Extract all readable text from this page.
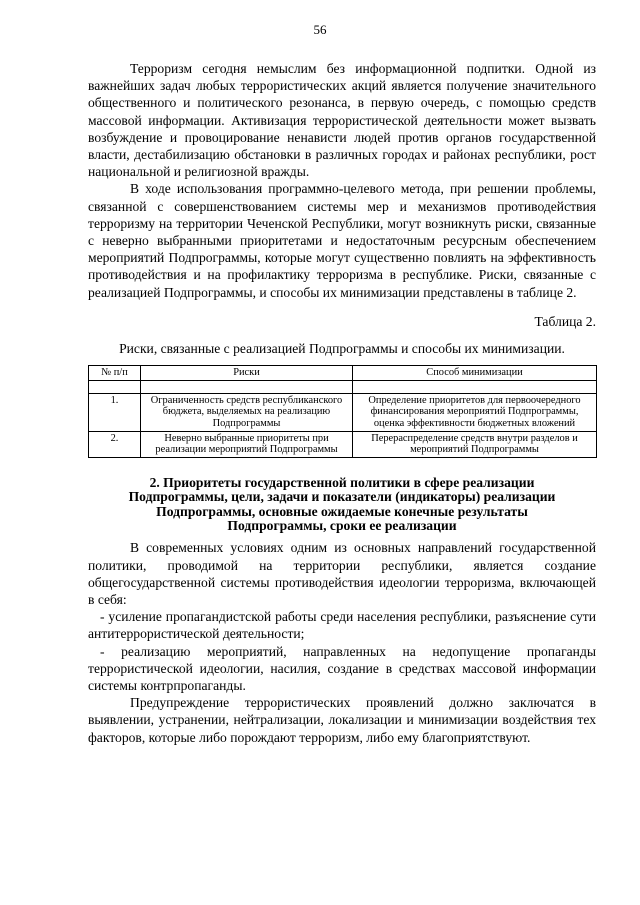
56

Терроризм сегодня немыслим без информационной подпитки. Одной из важнейших задач любых террористических акций является получение значительного общественного и политического резонанса, в первую очередь, с помощью средств массовой информации. Активизация террористической деятельности может вызвать возбуждение и провоцирование ненависти людей против органов государственной власти, дестабилизацию обстановки в различных городах и районах республики, рост национальной и религиозной вражды.

В ходе использования программно-целевого метода, при решении проблемы, связанной с совершенствованием системы мер и механизмов противодействия терроризму на территории Чеченской Республики, могут возникнуть риски, связанные с неверно выбранными приоритетами и недостаточным ресурсным обеспечением мероприятий Подпрограммы, которые могут существенно повлиять на эффективность противодействия и на профилактику терроризма в республике. Риски, связанные с реализацией Подпрограммы, и способы их минимизации представлены в таблице 2.

Таблица 2.

Риски, связанные с реализацией Подпрограммы и способы их минимизации.

№ п/п	Риски	Способ минимизации

1.	Ограниченность средств республиканского бюджета, выделяемых на реализацию Подпрограммы	Определение приоритетов для первоочередного финансирования мероприятий Подпрограммы, оценка эффективности бюджетных вложений
2.	Неверно выбранные приоритеты при реализации мероприятий Подпрограммы	Перераспределение средств внутри разделов и мероприятий Подпрограммы
2. Приоритеты государственной политики в сфере реализации
Подпрограммы, цели, задачи и показатели (индикаторы) реализации
Подпрограммы, основные ожидаемые конечные результаты
Подпрограммы, сроки ее реализации

В современных условиях одним из основных направлений государственной политики, проводимой на территории республики, является создание общегосударственной системы противодействия идеологии терроризма, включающей в себя:

- усиление пропагандистской работы среди населения республики, разъяснение сути антитеррористической деятельности;

- реализацию мероприятий, направленных на недопущение пропаганды террористической идеологии, насилия, создание в средствах массовой информации системы контрпропаганды.

Предупреждение террористических проявлений должно заключатся в выявлении, устранении, нейтрализации, локализации и минимизации воздействия тех факторов, которые либо порождают терроризм, либо ему благоприятствуют.
